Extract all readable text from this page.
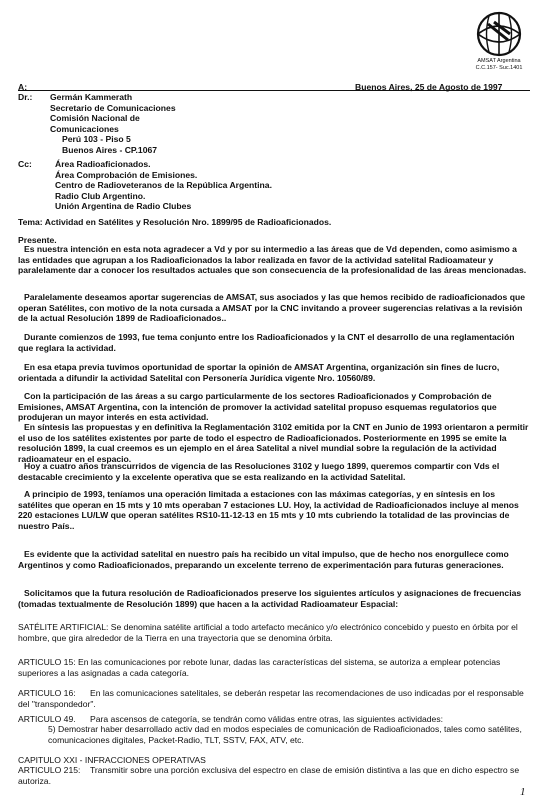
AMSAT Argentina
C.C.157- Suc.1401
A:	Buenos Aires, 25 de Agosto de 1997
Dr.: Germán Kammerath
Secretario de Comunicaciones
Comisión Nacional de
Comunicaciones
Perú 103 - Piso 5
Buenos Aires - CP.1067
Cc:	Área Radioaficionados.
Área Comprobación de Emisiones.
Centro de Radioveteranos de la República Argentina.
Radio Club Argentino.
Unión Argentina de Radio Clubes
Tema: Actividad en Satélites y Resolución Nro. 1899/95 de Radioaficionados.
Presente.
Es nuestra intención en esta nota agradecer a Vd y por su intermedio a las áreas que de Vd dependen, como asimismo a las entidades que agrupan a los Radioaficionados la labor realizada en favor de la actividad satelital Radioamateur y paralelamente dar a conocer los resultados actuales que son consecuencia de la profesionalidad de las áreas mencionadas.
Paralelamente deseamos aportar sugerencias de AMSAT, sus asociados y las que hemos recibido de radioaficionados que operan Satélites, con motivo de la nota cursada a AMSAT por la CNC invitando a proveer sugerencias relativas a la revisión de la actual Resolución 1899 de Radioaficionados..
Durante comienzos de 1993, fue tema conjunto entre los Radioaficionados y la CNT el desarrollo de una reglamentación que reglara la actividad.
En esa etapa previa tuvimos oportunidad de sportar la opinión de AMSAT Argentina, organización sin fines de lucro, orientada a difundir la actividad Satelital con Personería Jurídica vigente Nro. 10560/89.
Con la participación de las áreas a su cargo particularmente de los sectores Radioaficionados y Comprobación de Emisiones, AMSAT Argentina, con la intención de promover la actividad satelital propuso esquemas regulatorios que produjeran un mayor interés en esta actividad.
En síntesis las propuestas y en definitiva la Reglamentación 3102 emitida por la CNT en Junio de 1993 orientaron a permitir el uso de los satélites existentes por parte de todo el espectro de Radioaficionados. Posteriormente en 1995 se emite la resolución 1899, la cual creemos es un ejemplo en el área Satelital a nivel mundial sobre la regulación de la actividad radioamateur en el espacio.
Hoy a cuatro años transcurridos de vigencia de las Resoluciones 3102 y luego 1899, queremos compartir con Vds el destacable crecimiento y la excelente operativa que se esta realizando en la actividad Satelital.
A principio de 1993, teníamos una operación limitada a estaciones con las máximas categorías, y en síntesis en los satélites que operan en 15 mts y 10 mts operaban 7 estaciones LU. Hoy, la actividad de Radioaficionados incluye al menos 220 estaciones LU/LW que operan satélites RS10-11-12-13 en 15 mts y 10 mts cubriendo la totalidad de las provincias de nuestro País..
Es evidente que la actividad satelital en nuestro país ha recibido un vital impulso, que de hecho nos enorgullece como Argentinos y como Radioaficionados, preparando un excelente terreno de experimentación para futuras generaciones.
Solicitamos que la futura resolución de Radioaficionados preserve los siguientes artículos y asignaciones de frecuencias (tomadas textualmente de Resolución 1899) que hacen a la actividad Radioamateur Espacial:
SATÉLITE ARTIFICIAL: Se denomina satélite artificial a todo artefacto mecánico y/o electrónico concebido y puesto en órbita por el hombre, que gira alrededor de la Tierra en una trayectoria que se denomina órbita.
ARTICULO 15: En las comunicaciones por rebote lunar, dadas las características del sistema, se autoriza a emplear potencias superiores a las asignadas a cada categoría.
ARTICULO 16:	En las comunicaciones satelitales, se deberán respetar las recomendaciones de uso indicadas por el responsable del "transpondedor".
ARTICULO 49. Para ascensos de categoría, se tendrán como válidas entre otras, las siguientes actividades:
5) Demostrar haber desarrollado activ dad en modos especiales de comunicación de Radioaficionados, tales como satélites, comunicaciones digitales, Packet-Radio, TLT, SSTV, FAX, ATV, etc.
CAPITULO XXI - INFRACCIONES OPERATIVAS
ARTICULO 215:	Transmitir sobre una porción exclusiva del espectro en clase de emisión distintiva a las que en dicho espectro se autoriza.
1
